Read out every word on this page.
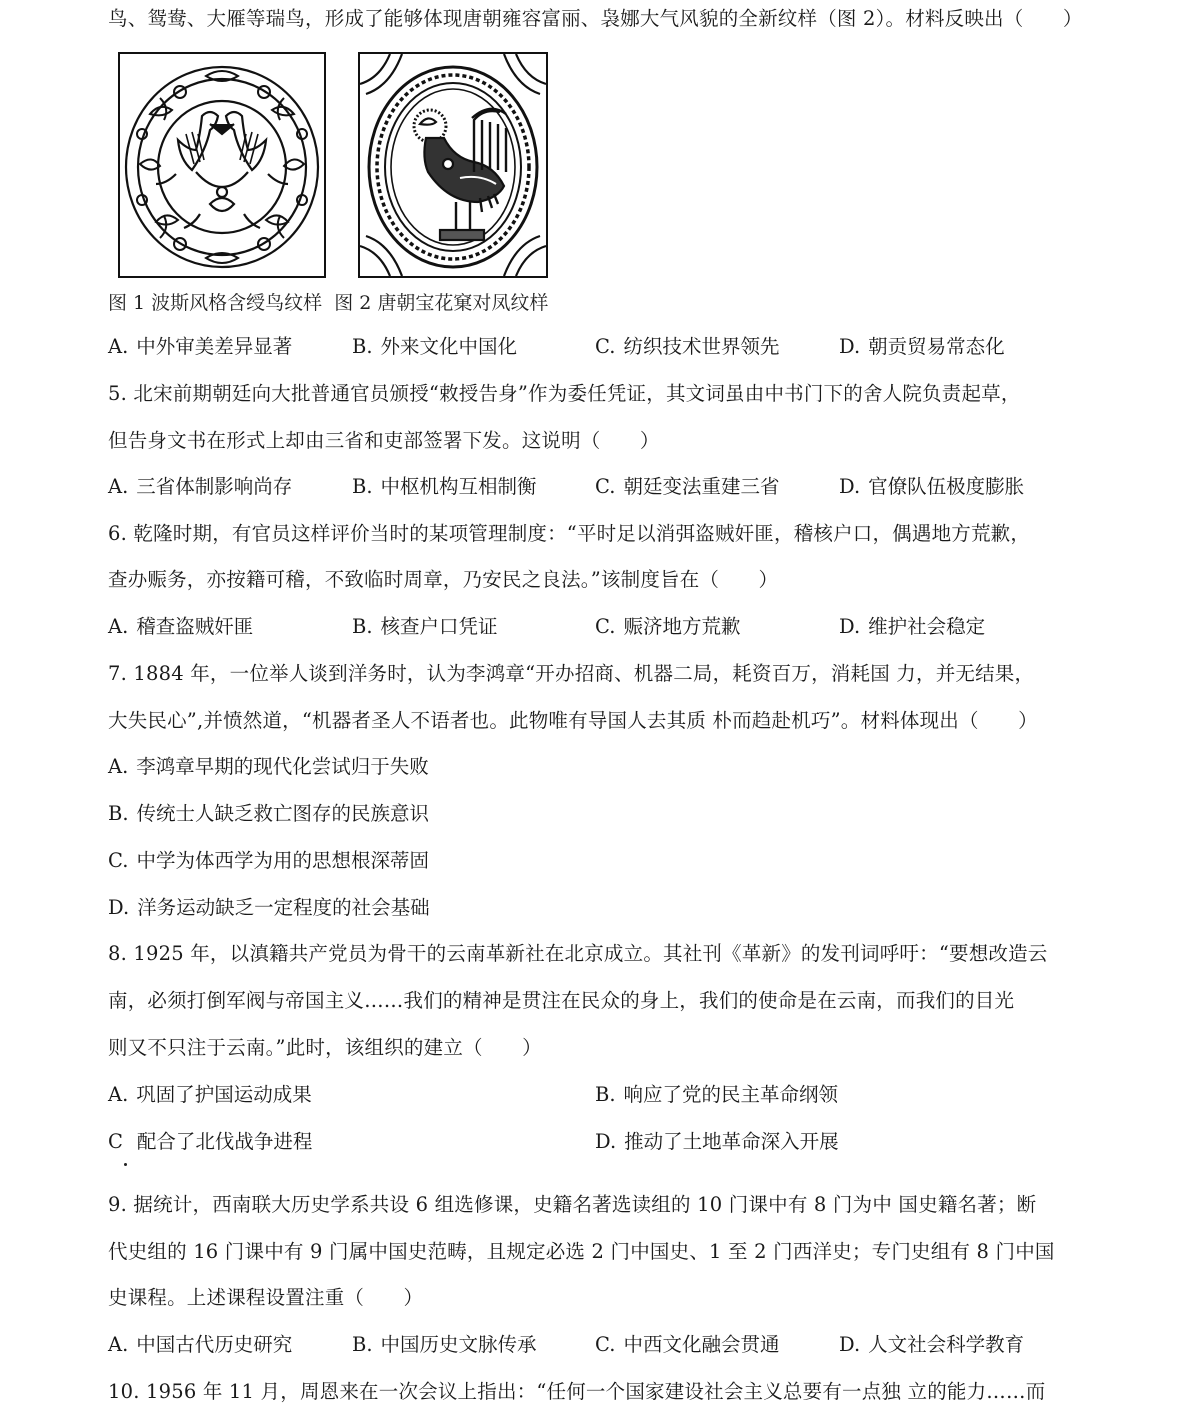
鸟、鸳鸯、大雁等瑞鸟，形成了能够体现唐朝雍容富丽、袅娜大气风貌的全新纹样（图 2）。材料反映出（　　）
图 1 波斯风格含绶鸟纹样 图 2 唐朝宝花窠对凤纹样
A. 中外审美差异显著	B. 外来文化中国化	C. 纺织技术世界领先	D. 朝贡贸易常态化
5. 北宋前期朝廷向大批普通官员颁授“敕授告身”作为委任凭证，其文词虽由中书门下的舍人院负责起草，
但告身文书在形式上却由三省和吏部签署下发。这说明（　　）
A. 三省体制影响尚存	B. 中枢机构互相制衡	C. 朝廷变法重建三省	D. 官僚队伍极度膨胀
6. 乾隆时期，有官员这样评价当时的某项管理制度：“平时足以消弭盗贼奸匪，稽核户口，偶遇地方荒歉，
查办赈务，亦按籍可稽，不致临时周章，乃安民之良法。”该制度旨在（　　）
A. 稽查盗贼奸匪	B. 核查户口凭证	C. 赈济地方荒歉	D. 维护社会稳定
7. 1884 年，一位举人谈到洋务时，认为李鸿章“开办招商、机器二局，耗资百万，消耗国 力，并无结果，
大失民心”,并愤然道，“机器者圣人不语者也。此物唯有导国人去其质 朴而趋赴机巧”。材料体现出（　　）
A. 李鸿章早期的现代化尝试归于失败
B. 传统士人缺乏救亡图存的民族意识
C. 中学为体西学为用的思想根深蒂固
D. 洋务运动缺乏一定程度的社会基础
8. 1925 年，以滇籍共产党员为骨干的云南革新社在北京成立。其社刊《革新》的发刊词呼吁：“要想改造云
南，必须打倒军阀与帝国主义……我们的精神是贯注在民众的身上，我们的使命是在云南，而我们的目光
则又不只注于云南。”此时，该组织的建立（　　）
A. 巩固了护国运动成果	B. 响应了党的民主革命纲领
C 配合了北伐战争进程	D. 推动了土地革命深入开展
9. 据统计，西南联大历史学系共设 6 组选修课，史籍名著选读组的 10 门课中有 8 门为中 国史籍名著；断
代史组的 16 门课中有 9 门属中国史范畴，且规定必选 2 门中国史、1 至 2 门西洋史；专门史组有 8 门中国
史课程。上述课程设置注重（　　）
A. 中国古代历史研究	B. 中国历史文脉传承	C. 中西文化融会贯通	D. 人文社会科学教育
10. 1956 年 11 月，周恩来在一次会议上指出：“任何一个国家建设社会主义总要有一点独 立的能力……而
